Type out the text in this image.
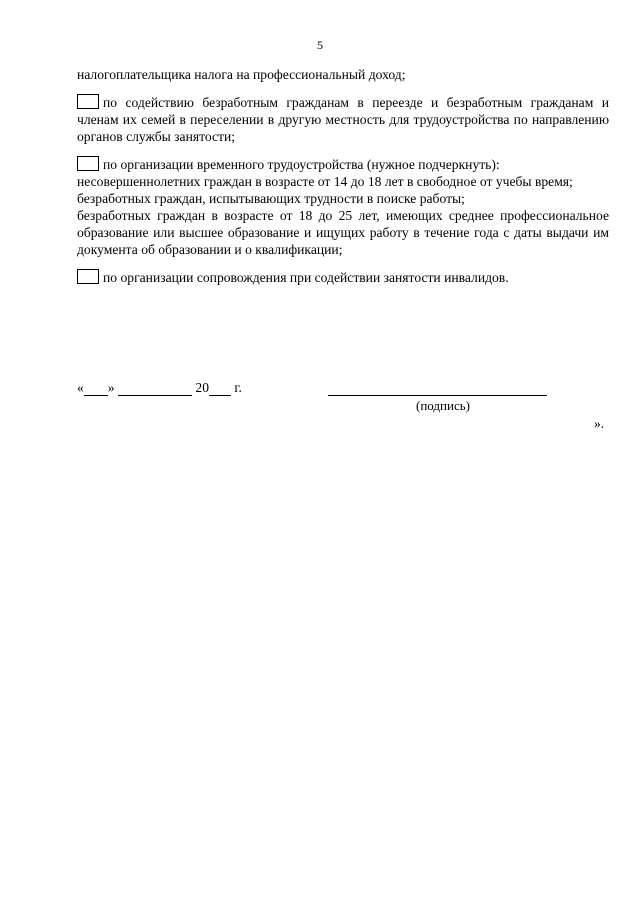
5

налогоплательщика налога на профессиональный доход;

по содействию безработным гражданам в переезде и безработным гражданам и членам их семей в переселении в другую местность для трудоустройства по направлению органов службы занятости;

по организации временного трудоустройства (нужное подчеркнуть):

несовершеннолетних граждан в возрасте от 14 до 18 лет в свободное от учебы время;

безработных граждан, испытывающих трудности в поиске работы;

безработных граждан в возрасте от 18 до 25 лет, имеющих среднее профессиональное образование или высшее образование и ищущих работу в течение года с даты выдачи им документа об образовании и о квалификации;

по организации сопровождения при содействии занятости инвалидов.

« »	20 г.
(подпись)
».
